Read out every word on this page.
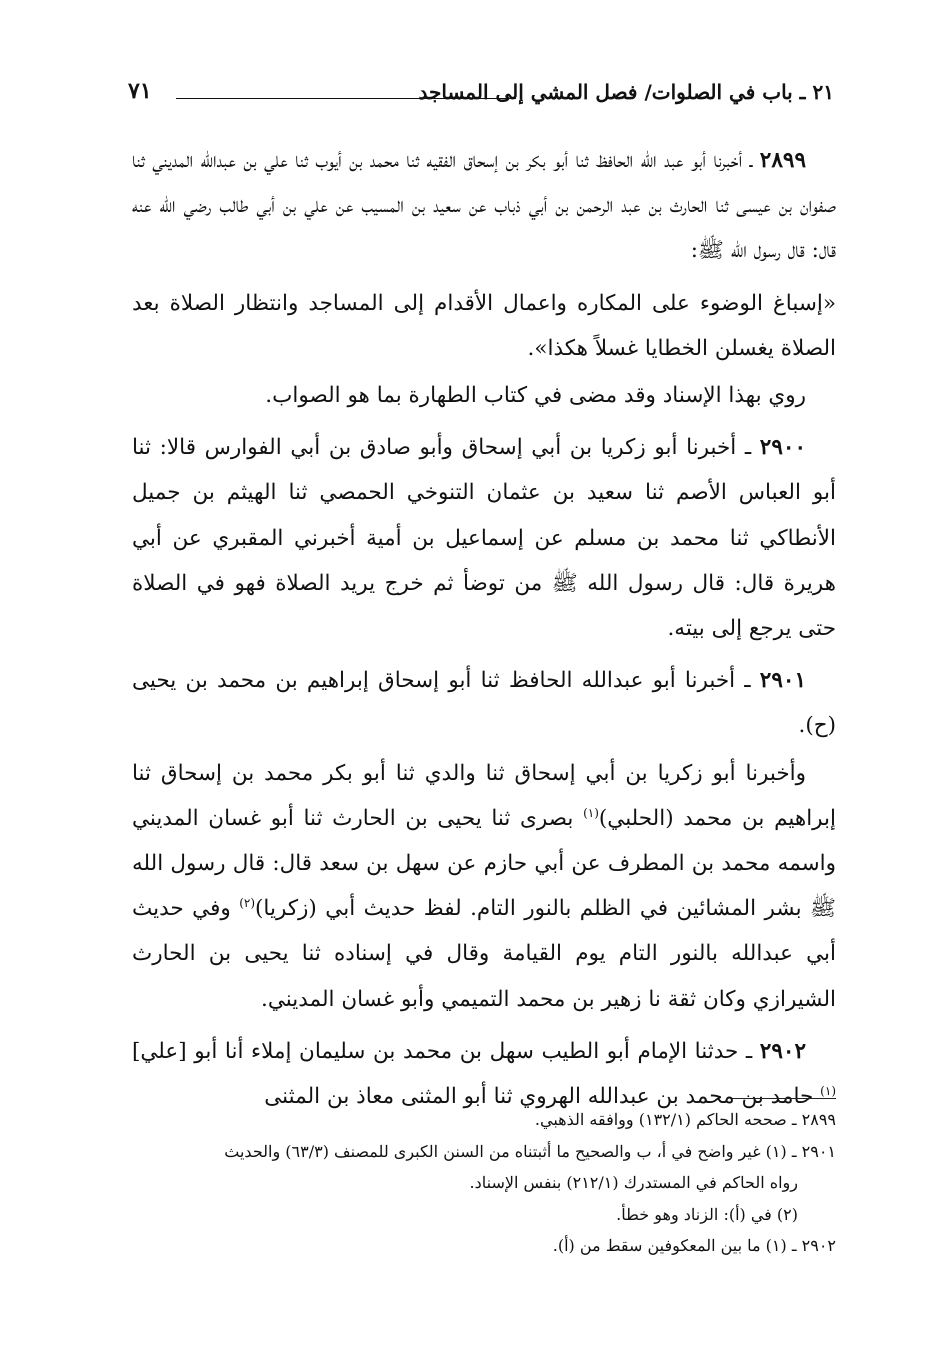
٢١ ـ باب في الصلوات/ فصل المشي إلى المساجد
٧١

٢٨٩٩ ـ أخبرنا أبو عبد الله الحافظ ثنا أبو بكر بن إسحاق الفقيه ثنا محمد بن أيوب ثنا علي بن عبدالله المديني ثنا صفوان بن عيسى ثنا الحارث بن عبد الرحمن بن أبي ذباب عن سعيد بن المسيب عن علي بن أبي طالب رضي الله عنه قال: قال رسول الله ﷺ:

«إسباغ الوضوء على المكاره واعمال الأقدام إلى المساجد وانتظار الصلاة بعد الصلاة يغسلن الخطايا غسلاً هكذا».

روي بهذا الإسناد وقد مضى في كتاب الطهارة بما هو الصواب.

٢٩٠٠ ـ أخبرنا أبو زكريا بن أبي إسحاق وأبو صادق بن أبي الفوارس قالا: ثنا أبو العباس الأصم ثنا سعيد بن عثمان التنوخي الحمصي ثنا الهيثم بن جميل الأنطاكي ثنا محمد بن مسلم عن إسماعيل بن أمية أخبرني المقبري عن أبي هريرة قال: قال رسول الله ﷺ من توضأ ثم خرج يريد الصلاة فهو في الصلاة حتى يرجع إلى بيته.

٢٩٠١ ـ أخبرنا أبو عبدالله الحافظ ثنا أبو إسحاق إبراهيم بن محمد بن يحيى (ح).

وأخبرنا أبو زكريا بن أبي إسحاق ثنا والدي ثنا أبو بكر محمد بن إسحاق ثنا إبراهيم بن محمد (الحلبي)$^{(١)}$ بصرى ثنا يحيى بن الحارث ثنا أبو غسان المديني واسمه محمد بن المطرف عن أبي حازم عن سهل بن سعد قال: قال رسول الله ﷺ بشر المشائين في الظلم بالنور التام. لفظ حديث أبي (زكريا)$^{(٢)}$ وفي حديث أبي عبدالله بالنور التام يوم القيامة وقال في إسناده ثنا يحيى بن الحارث الشيرازي وكان ثقة نا زهير بن محمد التميمي وأبو غسان المديني.

٢٩٠٢ ـ حدثنا الإمام أبو الطيب سهل بن محمد بن سليمان إملاء أنا أبو [علي]$^{(١)}$ حامد بن محمد بن عبدالله الهروي ثنا أبو المثنى معاذ بن المثنى

٢٨٩٩ ـ صححه الحاكم (١٣٢/١) ووافقه الذهبي.
٢٩٠١ ـ (١) غير واضح في أ، ب والصحيح ما أثبتناه من السنن الكبرى للمصنف (٦٣/٣) والحديث
رواه الحاكم في المستدرك (٢١٢/١) بنفس الإسناد.
(٢) في (أ): الزناد وهو خطأ.
٢٩٠٢ ـ (١) ما بين المعكوفين سقط من (أ).
